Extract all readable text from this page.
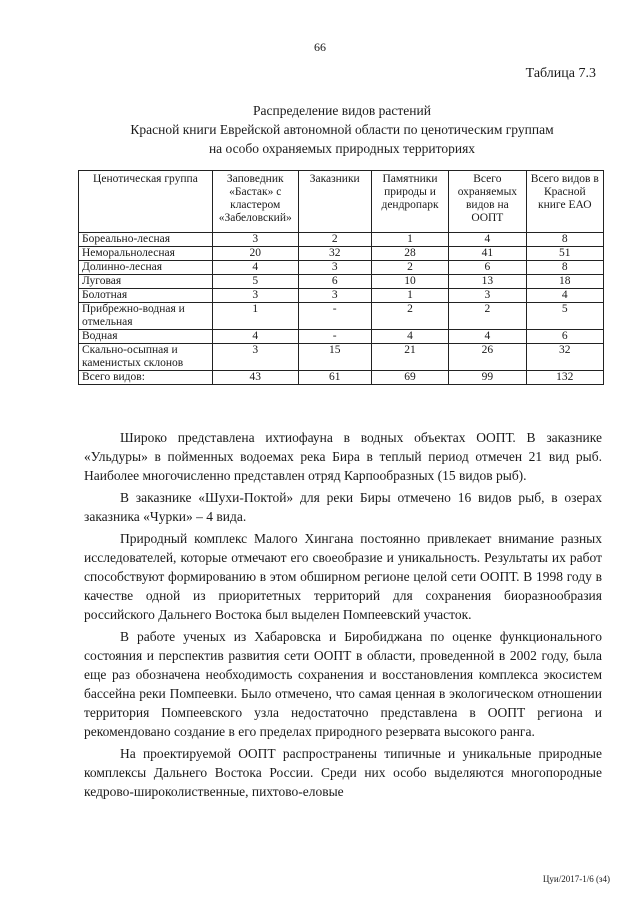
66
Таблица 7.3
Распределение видов растений
Красной книги Еврейской автономной области по ценотическим группам
на особо охраняемых природных территориях
Ценотическая группа	Заповедник «Бастак» с кластером «Забеловский»	Заказники	Памятники природы и дендропарк	Всего охраняемых видов на ООПТ	Всего видов в Красной книге ЕАО
Бореально-лесная	3	2	1	4	8
Неморальнолесная	20	32	28	41	51
Долинно-лесная	4	3	2	6	8
Луговая	5	6	10	13	18
Болотная	3	3	1	3	4
Прибрежно-водная и отмельная	1	-	2	2	5
Водная	4	-	4	4	6
Скально-осыпная и каменистых склонов	3	15	21	26	32
Всего видов:	43	61	69	99	132

Широко представлена ихтиофауна в водных объектах ООПТ. В заказнике «Ульдуры» в пойменных водоемах река Бира в теплый период отмечен 21 вид рыб. Наиболее многочисленно представлен отряд Карпообразных (15 видов рыб).

В заказнике «Шухи-Поктой» для реки Биры отмечено 16 видов рыб, в озерах заказника «Чурки» – 4 вида.

Природный комплекс Малого Хингана постоянно привлекает внимание разных исследователей, которые отмечают его своеобразие и уникальность. Результаты их работ способствуют формированию в этом обширном регионе целой сети ООПТ. В 1998 году в качестве одной из приоритетных территорий для сохранения биоразнообразия российского Дальнего Востока был выделен Помпеевский участок.

В работе ученых из Хабаровска и Биробиджана по оценке функционального состояния и перспектив развития сети ООПТ в области, проведенной в 2002 году, была еще раз обозначена необходимость сохранения и восстановления комплекса экосистем бассейна реки Помпеевки. Было отмечено, что самая ценная в экологическом отношении территория Помпеевского узла недостаточно представлена в ООПТ региона и рекомендовано создание в его пределах природного резервата высокого ранга.

На проектируемой ООПТ распространены типичные и уникальные природные комплексы Дальнего Востока России. Среди них особо выделяются многопородные кедрово-широколиственные, пихтово-еловые

Цуи/2017-1/6 (з4)
